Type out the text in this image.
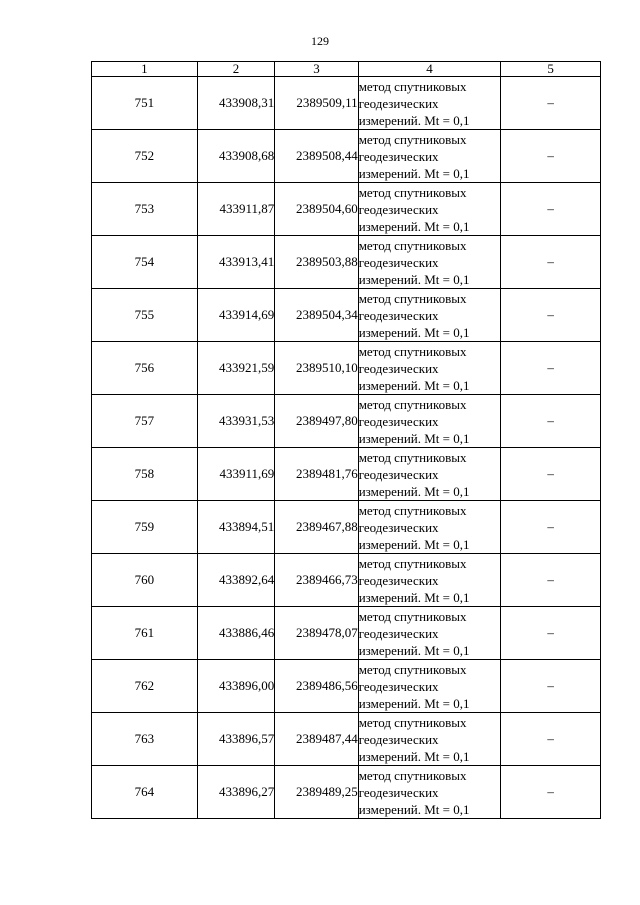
129
1	2	3	4	5
751	433908,31	2389509,11	метод спутниковых
геодезических
измерений. Mt = 0,1	–
752	433908,68	2389508,44	метод спутниковых
геодезических
измерений. Mt = 0,1	–
753	433911,87	2389504,60	метод спутниковых
геодезических
измерений. Mt = 0,1	–
754	433913,41	2389503,88	метод спутниковых
геодезических
измерений. Mt = 0,1	–
755	433914,69	2389504,34	метод спутниковых
геодезических
измерений. Mt = 0,1	–
756	433921,59	2389510,10	метод спутниковых
геодезических
измерений. Mt = 0,1	–
757	433931,53	2389497,80	метод спутниковых
геодезических
измерений. Mt = 0,1	–
758	433911,69	2389481,76	метод спутниковых
геодезических
измерений. Mt = 0,1	–
759	433894,51	2389467,88	метод спутниковых
геодезических
измерений. Mt = 0,1	–
760	433892,64	2389466,73	метод спутниковых
геодезических
измерений. Mt = 0,1	–
761	433886,46	2389478,07	метод спутниковых
геодезических
измерений. Mt = 0,1	–
762	433896,00	2389486,56	метод спутниковых
геодезических
измерений. Mt = 0,1	–
763	433896,57	2389487,44	метод спутниковых
геодезических
измерений. Mt = 0,1	–
764	433896,27	2389489,25	метод спутниковых
геодезических
измерений. Mt = 0,1	–
